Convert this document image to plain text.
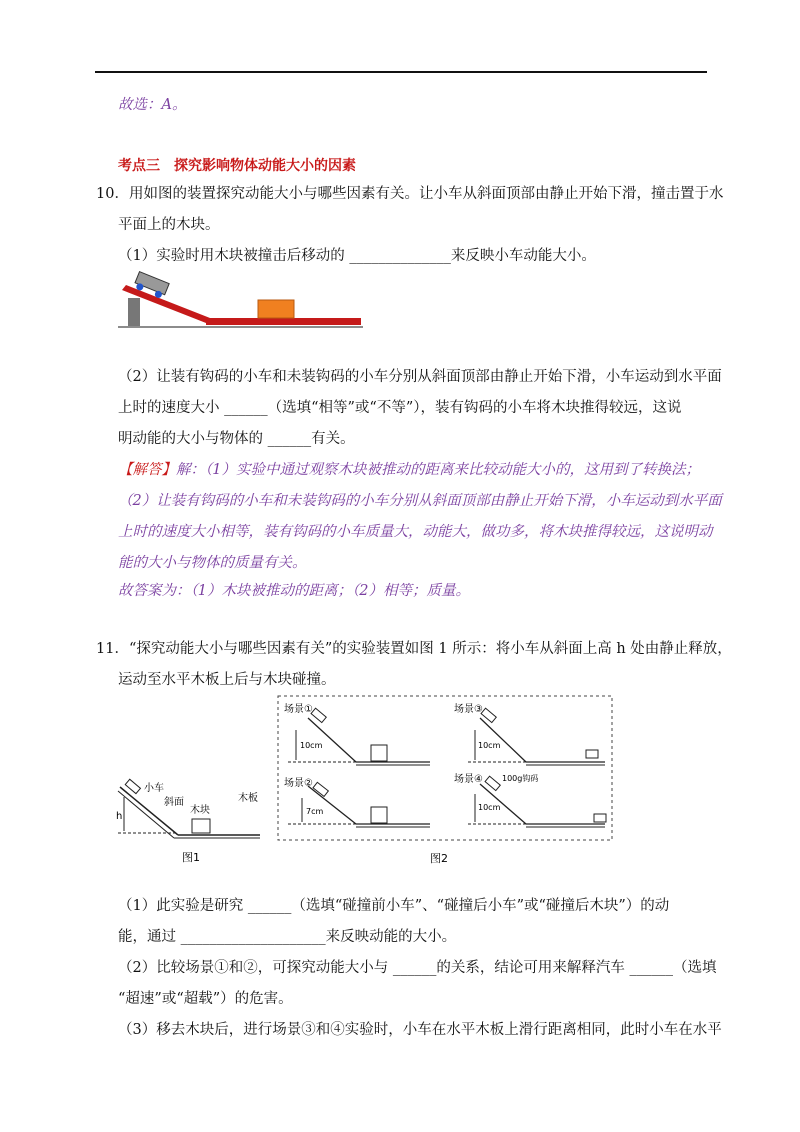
故选：A。
考点三　探究影响物体动能大小的因素
10．用如图的装置探究动能大小与哪些因素有关。让小车从斜面顶部由静止开始下滑，撞击置于水
平面上的木块。
（1）实验时用木块被撞击后移动的 ______________来反映小车动能大小。
（2）让装有钩码的小车和未装钩码的小车分别从斜面顶部由静止开始下滑，小车运动到水平面
上时的速度大小 ______（选填“相等”或“不等”），装有钩码的小车将木块推得较远，这说
明动能的大小与物体的 ______有关。
【解答】解：（1）实验中通过观察木块被推动的距离来比较动能大小的，这用到了转换法；
（2）让装有钩码的小车和未装钩码的小车分别从斜面顶部由静止开始下滑，小车运动到水平面
上时的速度大小相等，装有钩码的小车质量大，动能大，做功多，将木块推得较远，这说明动
能的大小与物体的质量有关。
故答案为：（1）木块被推动的距离；（2）相等；质量。
11．“探究动能大小与哪些因素有关”的实验装置如图 1 所示：将小车从斜面上高 h 处由静止释放，
运动至水平木板上后与木块碰撞。
h
小车
斜面
木块
木板
图1
场景①
10cm
场景③
10cm
场景②
7cm
场景④ 100g钩码
10cm
图2
（1）此实验是研究 ______（选填“碰撞前小车”、“碰撞后小车”或“碰撞后木块”）的动
能，通过 ____________________来反映动能的大小。
（2）比较场景①和②，可探究动能大小与 ______的关系，结论可用来解释汽车 ______（选填
“超速”或“超载”）的危害。
（3）移去木块后，进行场景③和④实验时，小车在水平木板上滑行距离相同，此时小车在水平
